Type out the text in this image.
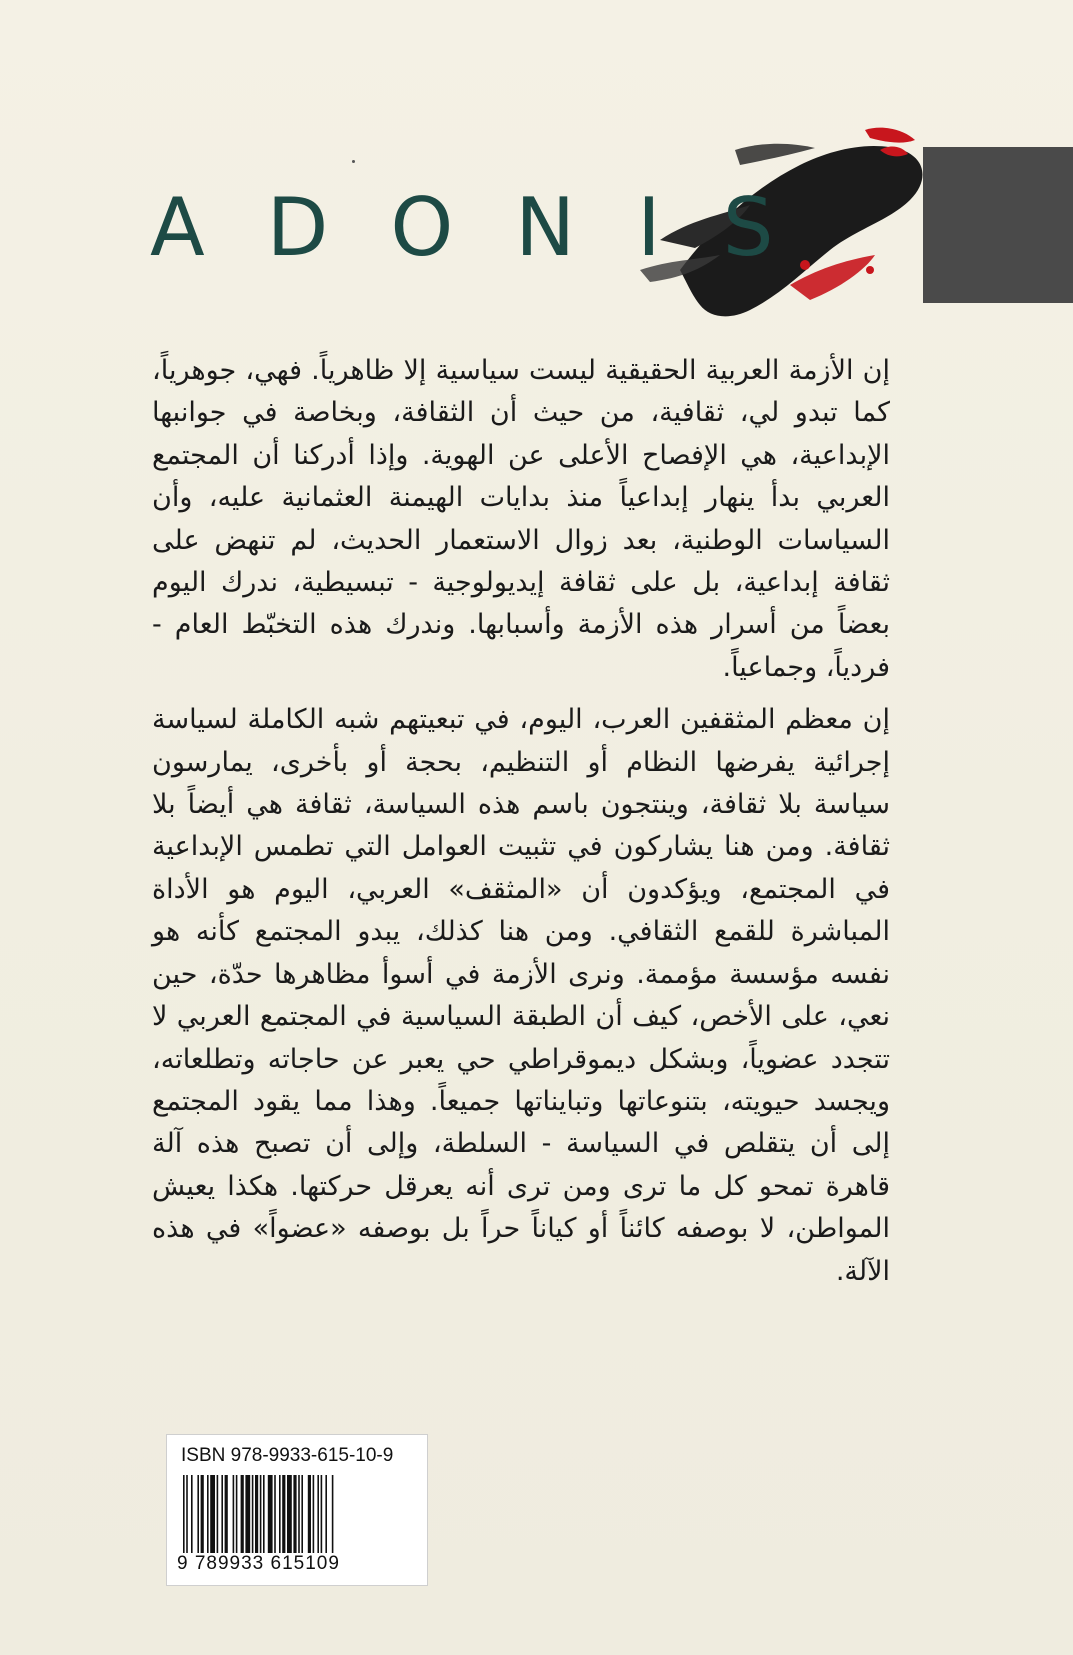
ADONIS

إن الأزمة العربية الحقيقية ليست سياسية إلا ظاهرياً. فهي، جوهرياً، كما تبدو لي، ثقافية، من حيث أن الثقافة، وبخاصة في جوانبها الإبداعية، هي الإفصاح الأعلى عن الهوية. وإذا أدركنا أن المجتمع العربي بدأ ينهار إبداعياً منذ بدايات الهيمنة العثمانية عليه، وأن السياسات الوطنية، بعد زوال الاستعمار الحديث، لم تنهض على ثقافة إبداعية، بل على ثقافة إيديولوجية - تبسيطية، ندرك اليوم بعضاً من أسرار هذه الأزمة وأسبابها. وندرك هذه التخبّط العام - فردياً، وجماعياً.

إن معظم المثقفين العرب، اليوم، في تبعيتهم شبه الكاملة لسياسة إجرائية يفرضها النظام أو التنظيم، بحجة أو بأخرى، يمارسون سياسة بلا ثقافة، وينتجون باسم هذه السياسة، ثقافة هي أيضاً بلا ثقافة. ومن هنا يشاركون في تثبيت العوامل التي تطمس الإبداعية في المجتمع، ويؤكدون أن «المثقف» العربي، اليوم هو الأداة المباشرة للقمع الثقافي. ومن هنا كذلك، يبدو المجتمع كأنه هو نفسه مؤسسة مؤممة. ونرى الأزمة في أسوأ مظاهرها حدّة، حين نعي، على الأخص، كيف أن الطبقة السياسية في المجتمع العربي لا تتجدد عضوياً، وبشكل ديموقراطي حي يعبر عن حاجاته وتطلعاته، ويجسد حيويته، بتنوعاتها وتبايناتها جميعاً. وهذا مما يقود المجتمع إلى أن يتقلص في السياسة - السلطة، وإلى أن تصبح هذه آلة قاهرة تمحو كل ما ترى ومن ترى أنه يعرقل حركتها. هكذا يعيش المواطن، لا بوصفه كائناً أو كياناً حراً بل بوصفه «عضواً» في هذه الآلة.

ISBN 978-9933-615-10-9
9 789933 615109
